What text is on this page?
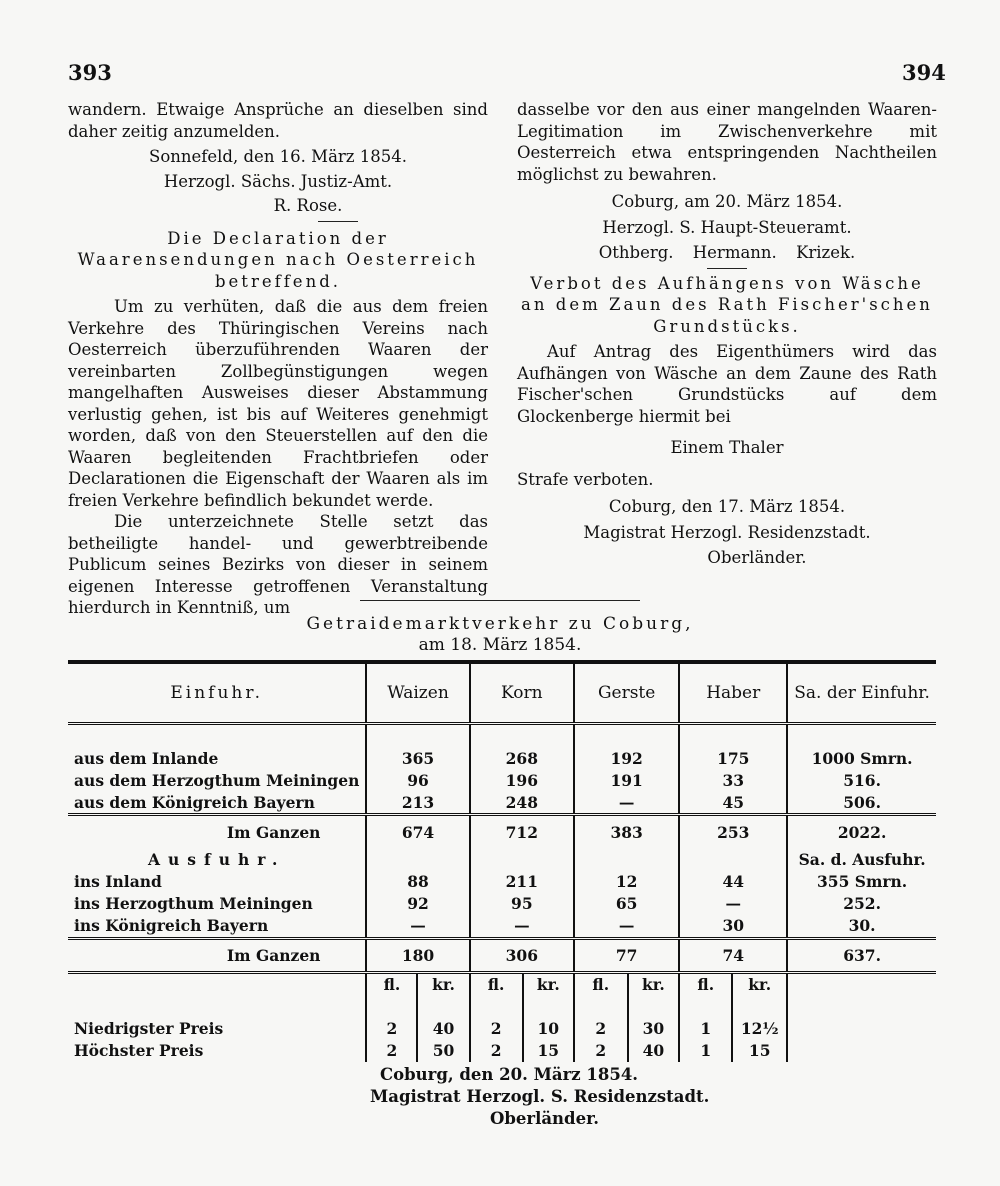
393	394

wandern. Etwaige Ansprüche an dieselben sind daher zeitig anzumelden.

Sonnefeld, den 16. März 1854.

Herzogl. Sächs. Justiz-Amt.

R. Rose.

Die Declaration der Waarensendungen nach Oesterreich betreffend.

Um zu verhüten, daß die aus dem freien Verkehre des Thüringischen Vereins nach Oesterreich überzuführenden Waaren der vereinbarten Zollbegünstigungen wegen mangelhaften Ausweises dieser Abstammung verlustig gehen, ist bis auf Weiteres genehmigt worden, daß von den Steuerstellen auf den die Waaren begleitenden Frachtbriefen oder Declarationen die Eigenschaft der Waaren als im freien Verkehre befindlich bekundet werde.

Die unterzeichnete Stelle setzt das betheiligte handel- und gewerbtreibende Publicum seines Bezirks von dieser in seinem eigenen Interesse getroffenen Veranstaltung hierdurch in Kenntniß, um

dasselbe vor den aus einer mangelnden Waaren-Legitimation im Zwischenverkehre mit Oesterreich etwa entspringenden Nachtheilen möglichst zu bewahren.

Coburg, am 20. März 1854.

Herzogl. S. Haupt-Steueramt.

Othberg. Hermann. Krizek.

Verbot des Aufhängens von Wäsche an dem Zaun des Rath Fischer'schen Grundstücks.

Auf Antrag des Eigenthümers wird das Aufhängen von Wäsche an dem Zaune des Rath Fischer'schen Grundstücks auf dem Glockenberge hiermit bei

Einem Thaler

Strafe verboten.

Coburg, den 17. März 1854.

Magistrat Herzogl. Residenzstadt.

Oberländer.

Getraidemarktverkehr zu Coburg,
am 18. März 1854.
Einfuhr.	Waizen		Korn		Gerste		Haber		Sa. der Einfuhr.

aus dem Inlande	365		268		192		175		1000 Smrn.
aus dem Herzogthum Meiningen	96		196		191		33		516.
aus dem Königreich Bayern	213		248		—		45		506.
Im Ganzen	674		712		383		253		2022.
Ausfuhr.									Sa. d. Ausfuhr.
ins Inland	88		211		12		44		355 Smrn.
ins Herzogthum Meiningen	92		95		65		—		252.
ins Königreich Bayern	—		—		—		30		30.
Im Ganzen	180		306		77		74		637.
	fl.	kr.	fl.	kr.	fl.	kr.	fl.	kr.	

Niedrigster Preis	2	40	2	10	2	30	1	12½	
Höchster Preis	2	50	2	15	2	40	1	15	
Coburg, den 20. März 1854.
Magistrat Herzogl. S. Residenzstadt.
Oberländer.
